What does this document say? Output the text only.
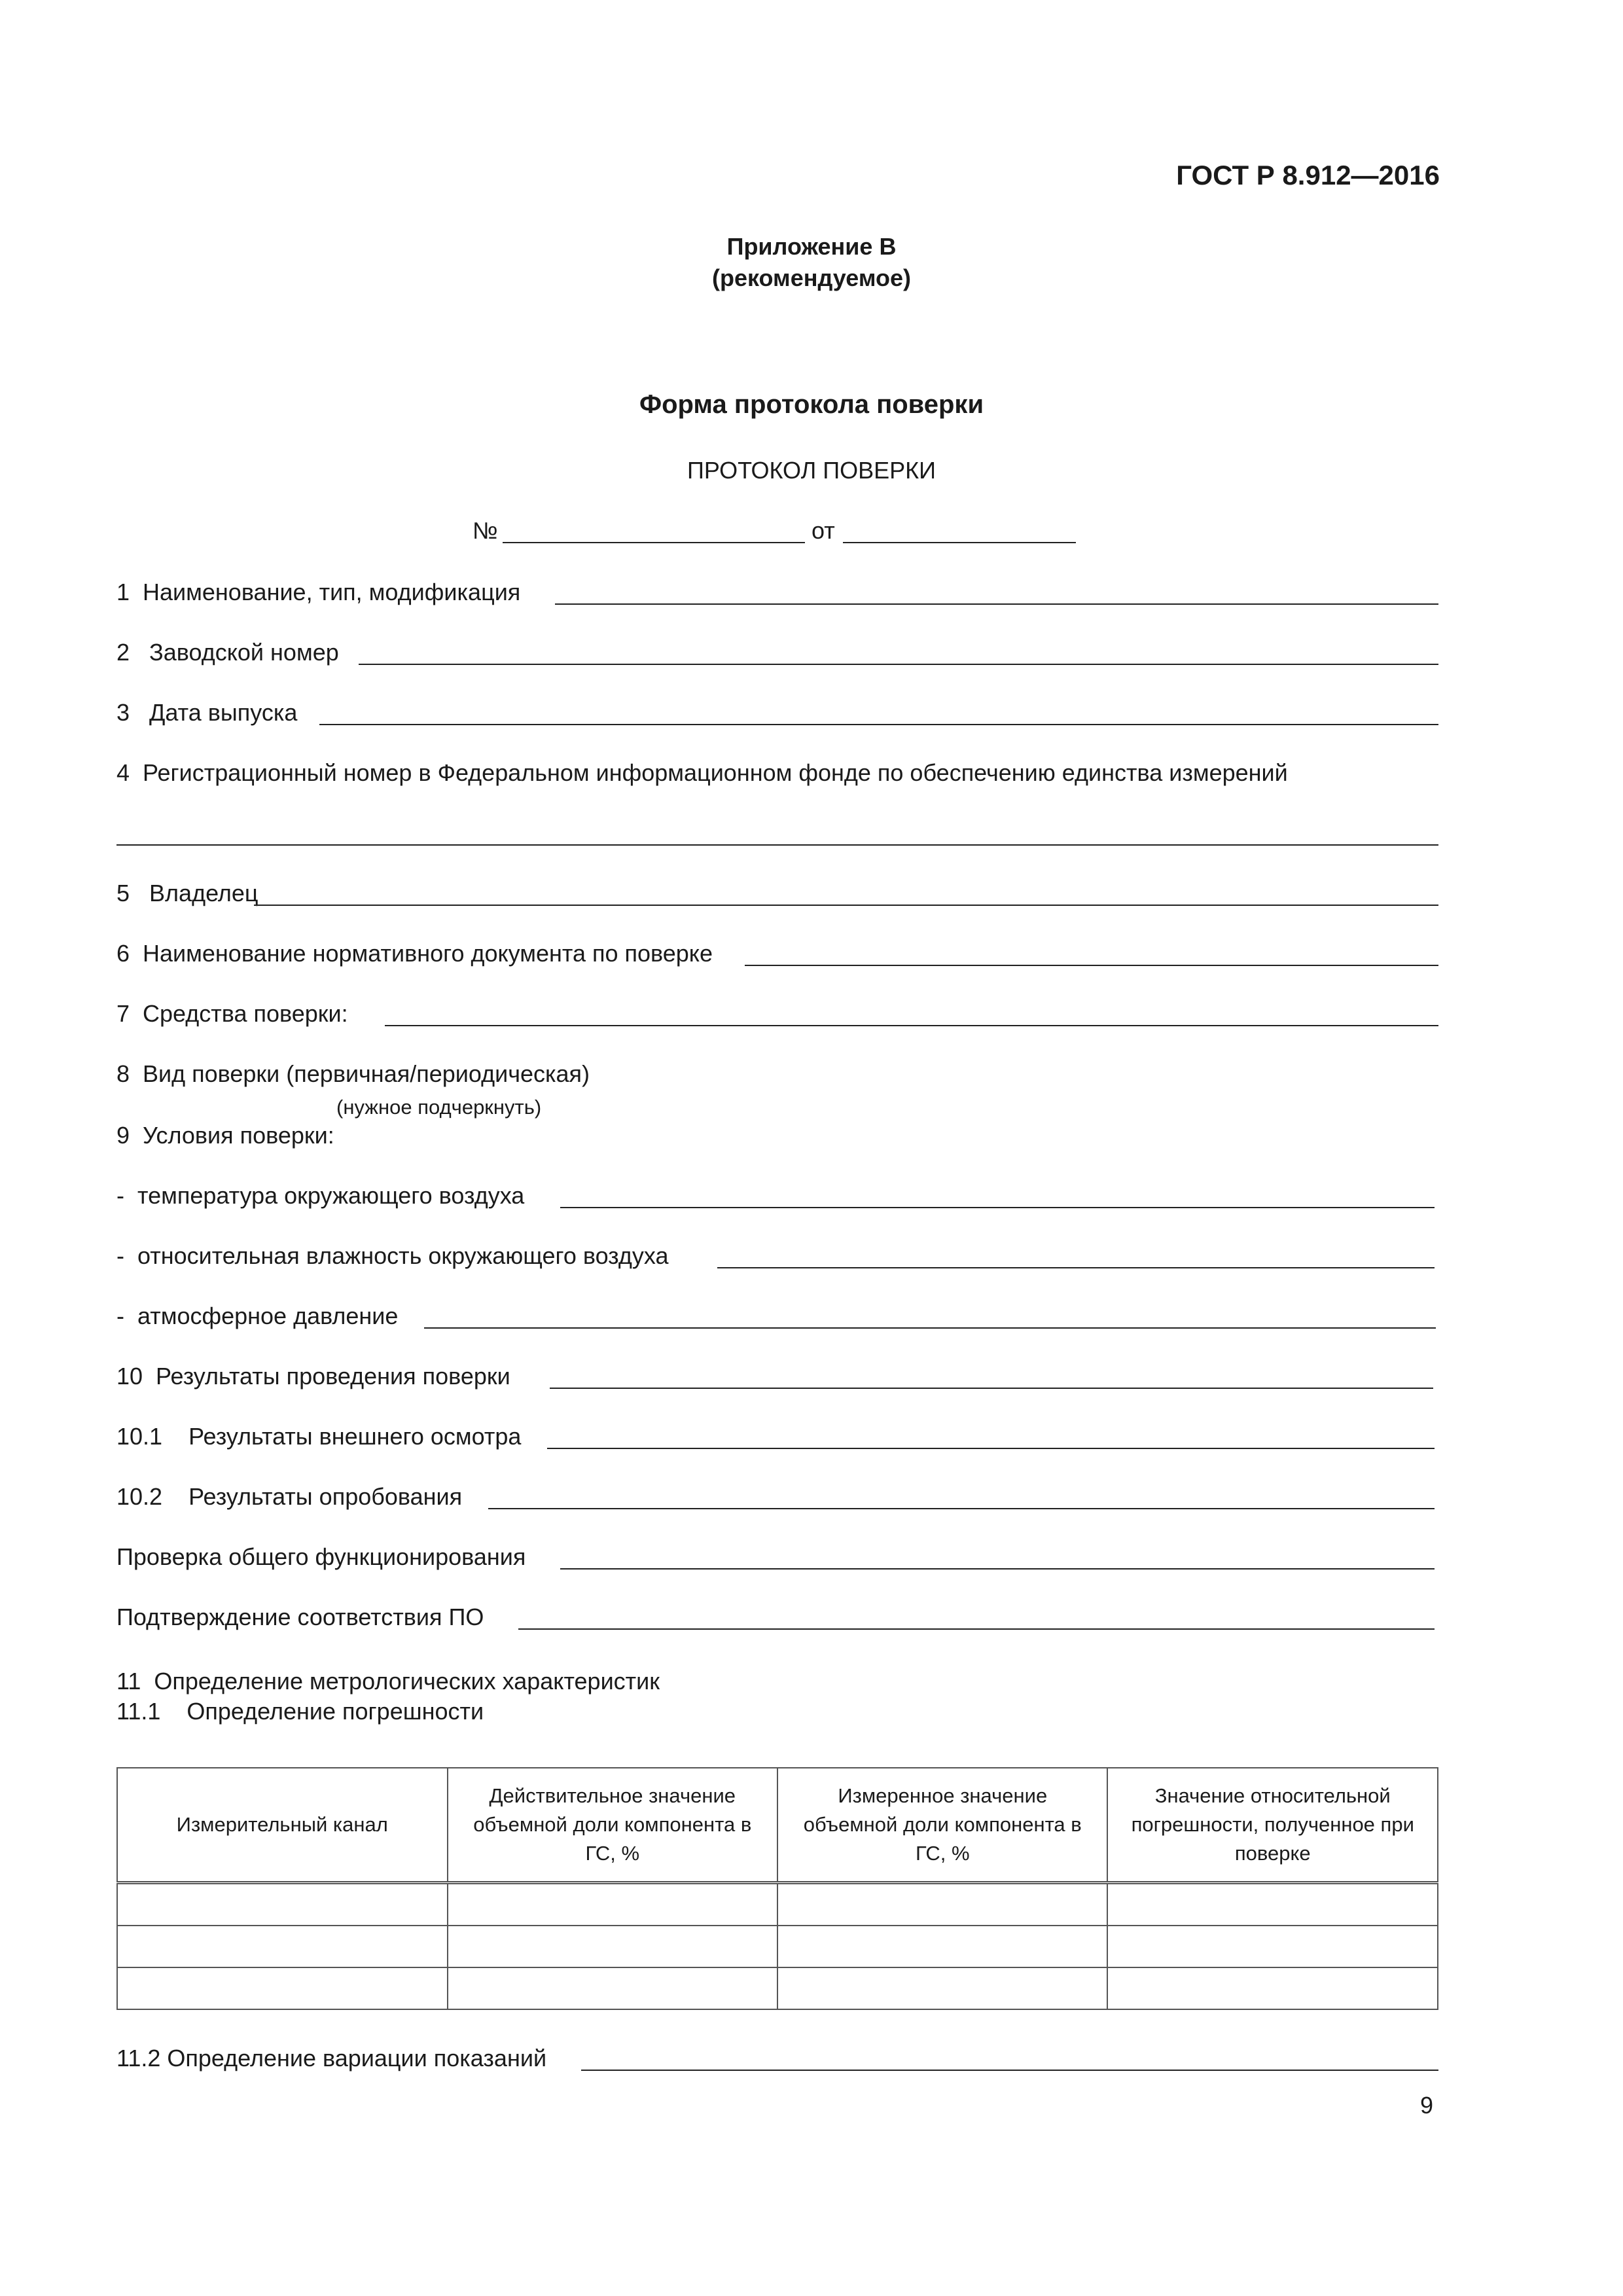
ГОСТ Р 8.912—2016
Приложение В
(рекомендуемое)
Форма протокола поверки
ПРОТОКОЛ ПОВЕРКИ
№	от
1  Наименование, тип, модификация
2   Заводской номер
3   Дата выпуска
4  Регистрационный номер в Федеральном информационном фонде по обеспечению единства измерений
5   Владелец
6  Наименование нормативного документа по поверке
7  Средства поверки:
8  Вид поверки (первичная/периодическая)
(нужное подчеркнуть)
9  Условия поверки:
-  температура окружающего воздуха
-  относительная влажность окружающего воздуха
-  атмосферное давление
10  Результаты проведения поверки
10.1    Результаты внешнего осмотра
10.2    Результаты опробования
Проверка общего функционирования
Подтверждение соответствия ПО
11  Определение метрологических характеристик
11.1    Определение погрешности
Измерительный канал	Действительное значение объемной доли компонента в ГС, %	Измеренное значение объемной доли компонента в ГС, %	Значение относительной погрешности, полученное при поверке

11.2 Определение вариации показаний
9
